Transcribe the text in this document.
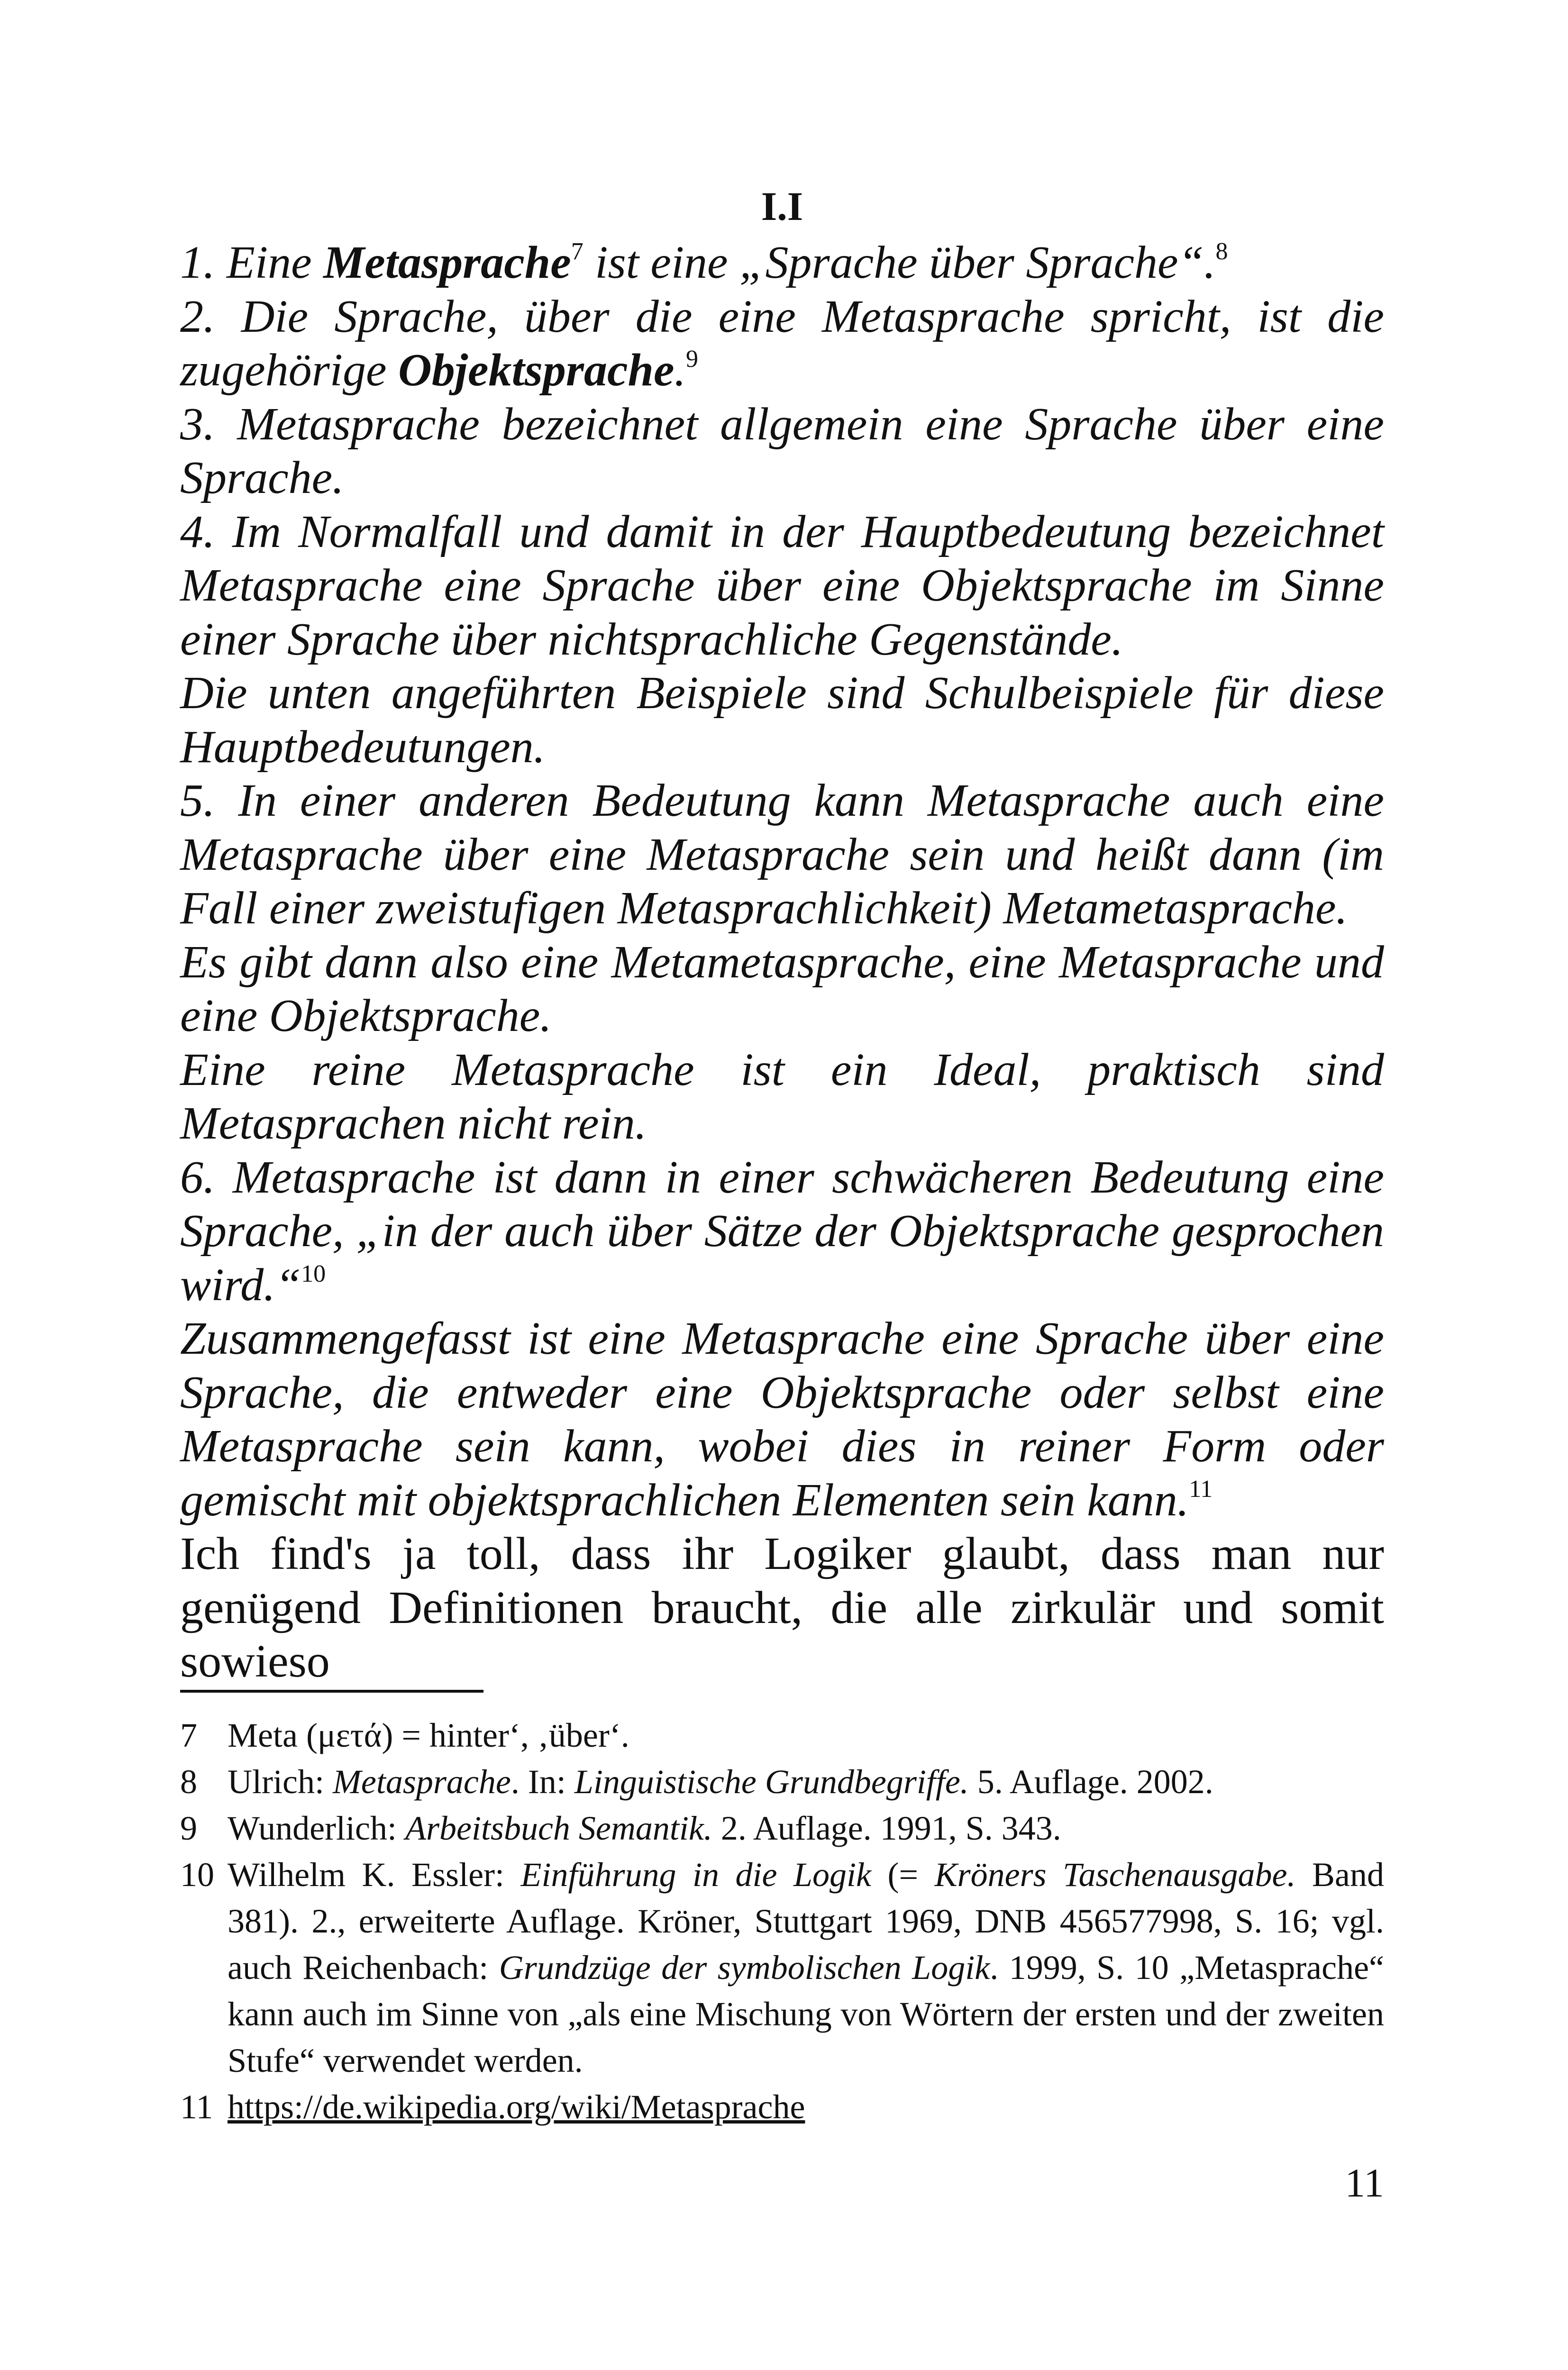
I.I

1. Eine Metasprache$^7$ ist eine „Sprache über Sprache“.$^8$

2. Die Sprache, über die eine Metasprache spricht, ist die zugehörige Objektsprache.$^9$

3. Metasprache bezeichnet allgemein eine Sprache über eine Sprache.

4. Im Normalfall und damit in der Hauptbedeutung bezeichnet Metasprache eine Sprache über eine Objektsprache im Sinne einer Sprache über nichtsprachliche Gegenstände.

Die unten angeführten Beispiele sind Schulbeispiele für diese Hauptbedeutungen.

5. In einer anderen Bedeutung kann Metasprache auch eine Metasprache über eine Metasprache sein und heißt dann (im Fall einer zweistufigen Metasprachlichkeit) Metametasprache.

Es gibt dann also eine Metametasprache, eine Metasprache und eine Objektsprache.

Eine reine Metasprache ist ein Ideal, praktisch sind Metasprachen nicht rein.

6. Metasprache ist dann in einer schwächeren Bedeutung eine Sprache, „in der auch über Sätze der Objektsprache gesprochen wird.“$^{10}$

Zusammengefasst ist eine Metasprache eine Sprache über eine Sprache, die entweder eine Objektsprache oder selbst eine Metasprache sein kann, wobei dies in reiner Form oder gemischt mit objektsprachlichen Elementen sein kann.$^{11}$

Ich find's ja toll, dass ihr Logiker glaubt, dass man nur genügend Definitionen braucht, die alle zirkulär und somit sowieso

7 Meta (μετά) = hinter‘, ‚über‘.

8 Ulrich: Metasprache. In: Linguistische Grundbegriffe. 5. Auflage. 2002.

9 Wunderlich: Arbeitsbuch Semantik. 2. Auflage. 1991, S. 343.

10 Wilhelm K. Essler: Einführung in die Logik (= Kröners Taschenausgabe. Band 381). 2., erweiterte Auflage. Kröner, Stuttgart 1969, DNB 456577998, S. 16; vgl. auch Reichenbach: Grundzüge der symbolischen Logik. 1999, S. 10 „Metasprache“ kann auch im Sinne von „als eine Mischung von Wörtern der ersten und der zweiten Stufe“ verwendet werden.

11 https://de.wikipedia.org/wiki/Metasprache

11
